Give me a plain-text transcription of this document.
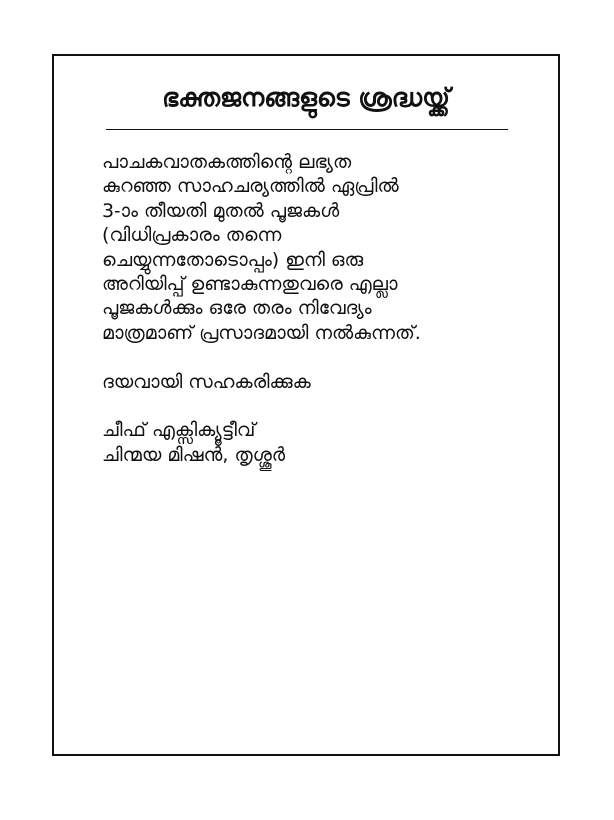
ഭക്തജനങ്ങളുടെ ശ്രദ്ധയ്ക്ക്
പാചകവാതകത്തിന്റെ ലഭ്യത
കുറഞ്ഞ സാഹചര്യത്തിൽ ഏപ്രിൽ
3-ാം തീയതി മുതൽ പൂജകൾ
(വിധിപ്രകാരം തന്നെ
ചെയ്യുന്നതോടൊപ്പം) ഇനി ഒരു
അറിയിപ്പ് ഉണ്ടാകുന്നതുവരെ എല്ലാ
പൂജകൾക്കും ഒരേ തരം നിവേദ്യം
മാത്രമാണ് പ്രസാദമായി നൽകുന്നത്.
ദയവായി സഹകരിക്കുക
ചീഫ് എക്സിക്യൂട്ടീവ്
ചിന്മയ മിഷൻ, തൃശ്ശൂർ
